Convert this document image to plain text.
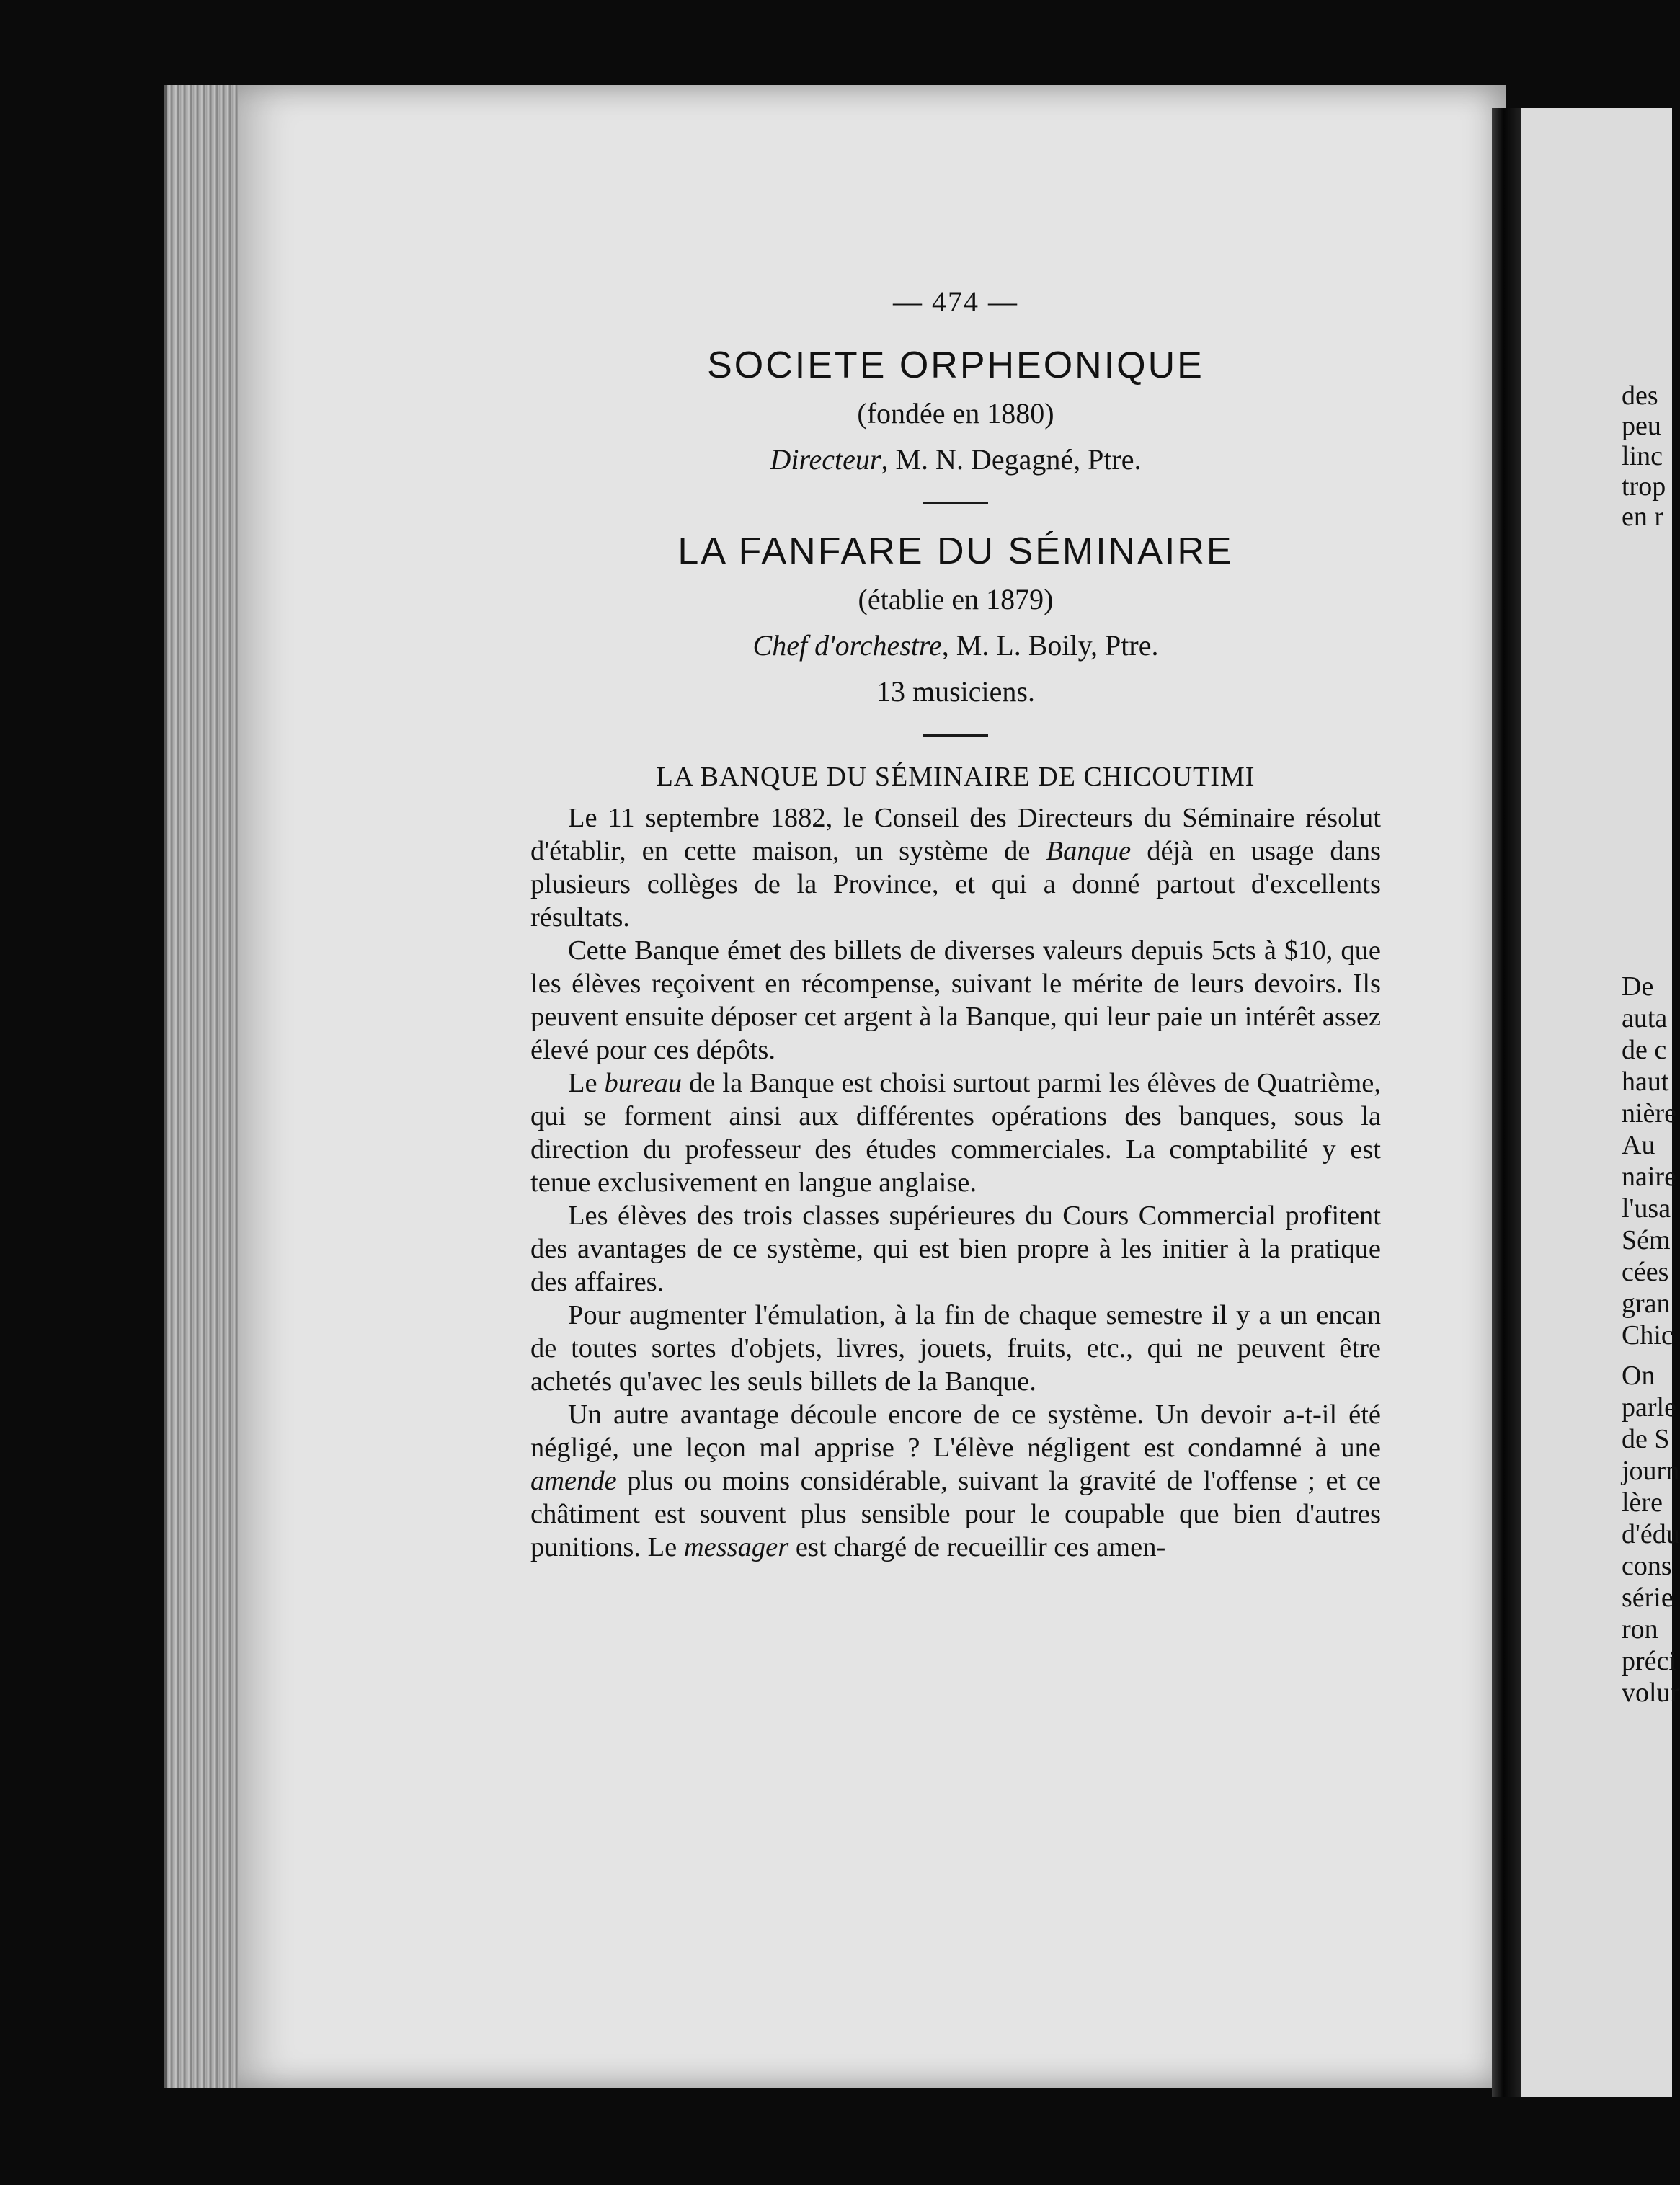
des
peu
linc
trop
en r
De
auta
de c
haut
nière
Au
naire
l'usa
Sém
cées
gran
Chic
On
parle
de S
journ
lère
d'édu
cons
série
ron
préci
volur
— 474 —

SOCIETE ORPHEONIQUE

(fondée en 1880)

Directeur, M. N. Degagné, Ptre.

LA FANFARE DU SÉMINAIRE

(établie en 1879)

Chef d'orchestre, M. L. Boily, Ptre.

13 musiciens.

LA BANQUE DU SÉMINAIRE DE CHICOUTIMI

Le 11 septembre 1882, le Conseil des Directeurs du Séminaire résolut d'établir, en cette maison, un système de Banque déjà en usage dans plusieurs collèges de la Province, et qui a donné partout d'excellents résultats.

Cette Banque émet des billets de diverses valeurs depuis 5cts à $10, que les élèves reçoivent en récompense, suivant le mérite de leurs devoirs. Ils peuvent ensuite déposer cet argent à la Banque, qui leur paie un intérêt assez élevé pour ces dépôts.

Le bureau de la Banque est choisi surtout parmi les élèves de Quatrième, qui se forment ainsi aux différentes opérations des banques, sous la direction du professeur des études commerciales. La comptabilité y est tenue exclusivement en langue anglaise.

Les élèves des trois classes supérieures du Cours Commercial profitent des avantages de ce système, qui est bien propre à les initier à la pratique des affaires.

Pour augmenter l'émulation, à la fin de chaque semestre il y a un encan de toutes sortes d'objets, livres, jouets, fruits, etc., qui ne peuvent être achetés qu'avec les seuls billets de la Banque.

Un autre avantage découle encore de ce système. Un devoir a-t-il été négligé, une leçon mal apprise ? L'élève négligent est condamné à une amende plus ou moins considérable, suivant la gravité de l'offense ; et ce châtiment est souvent plus sensible pour le coupable que bien d'autres punitions. Le messager est chargé de recueillir ces amen-
